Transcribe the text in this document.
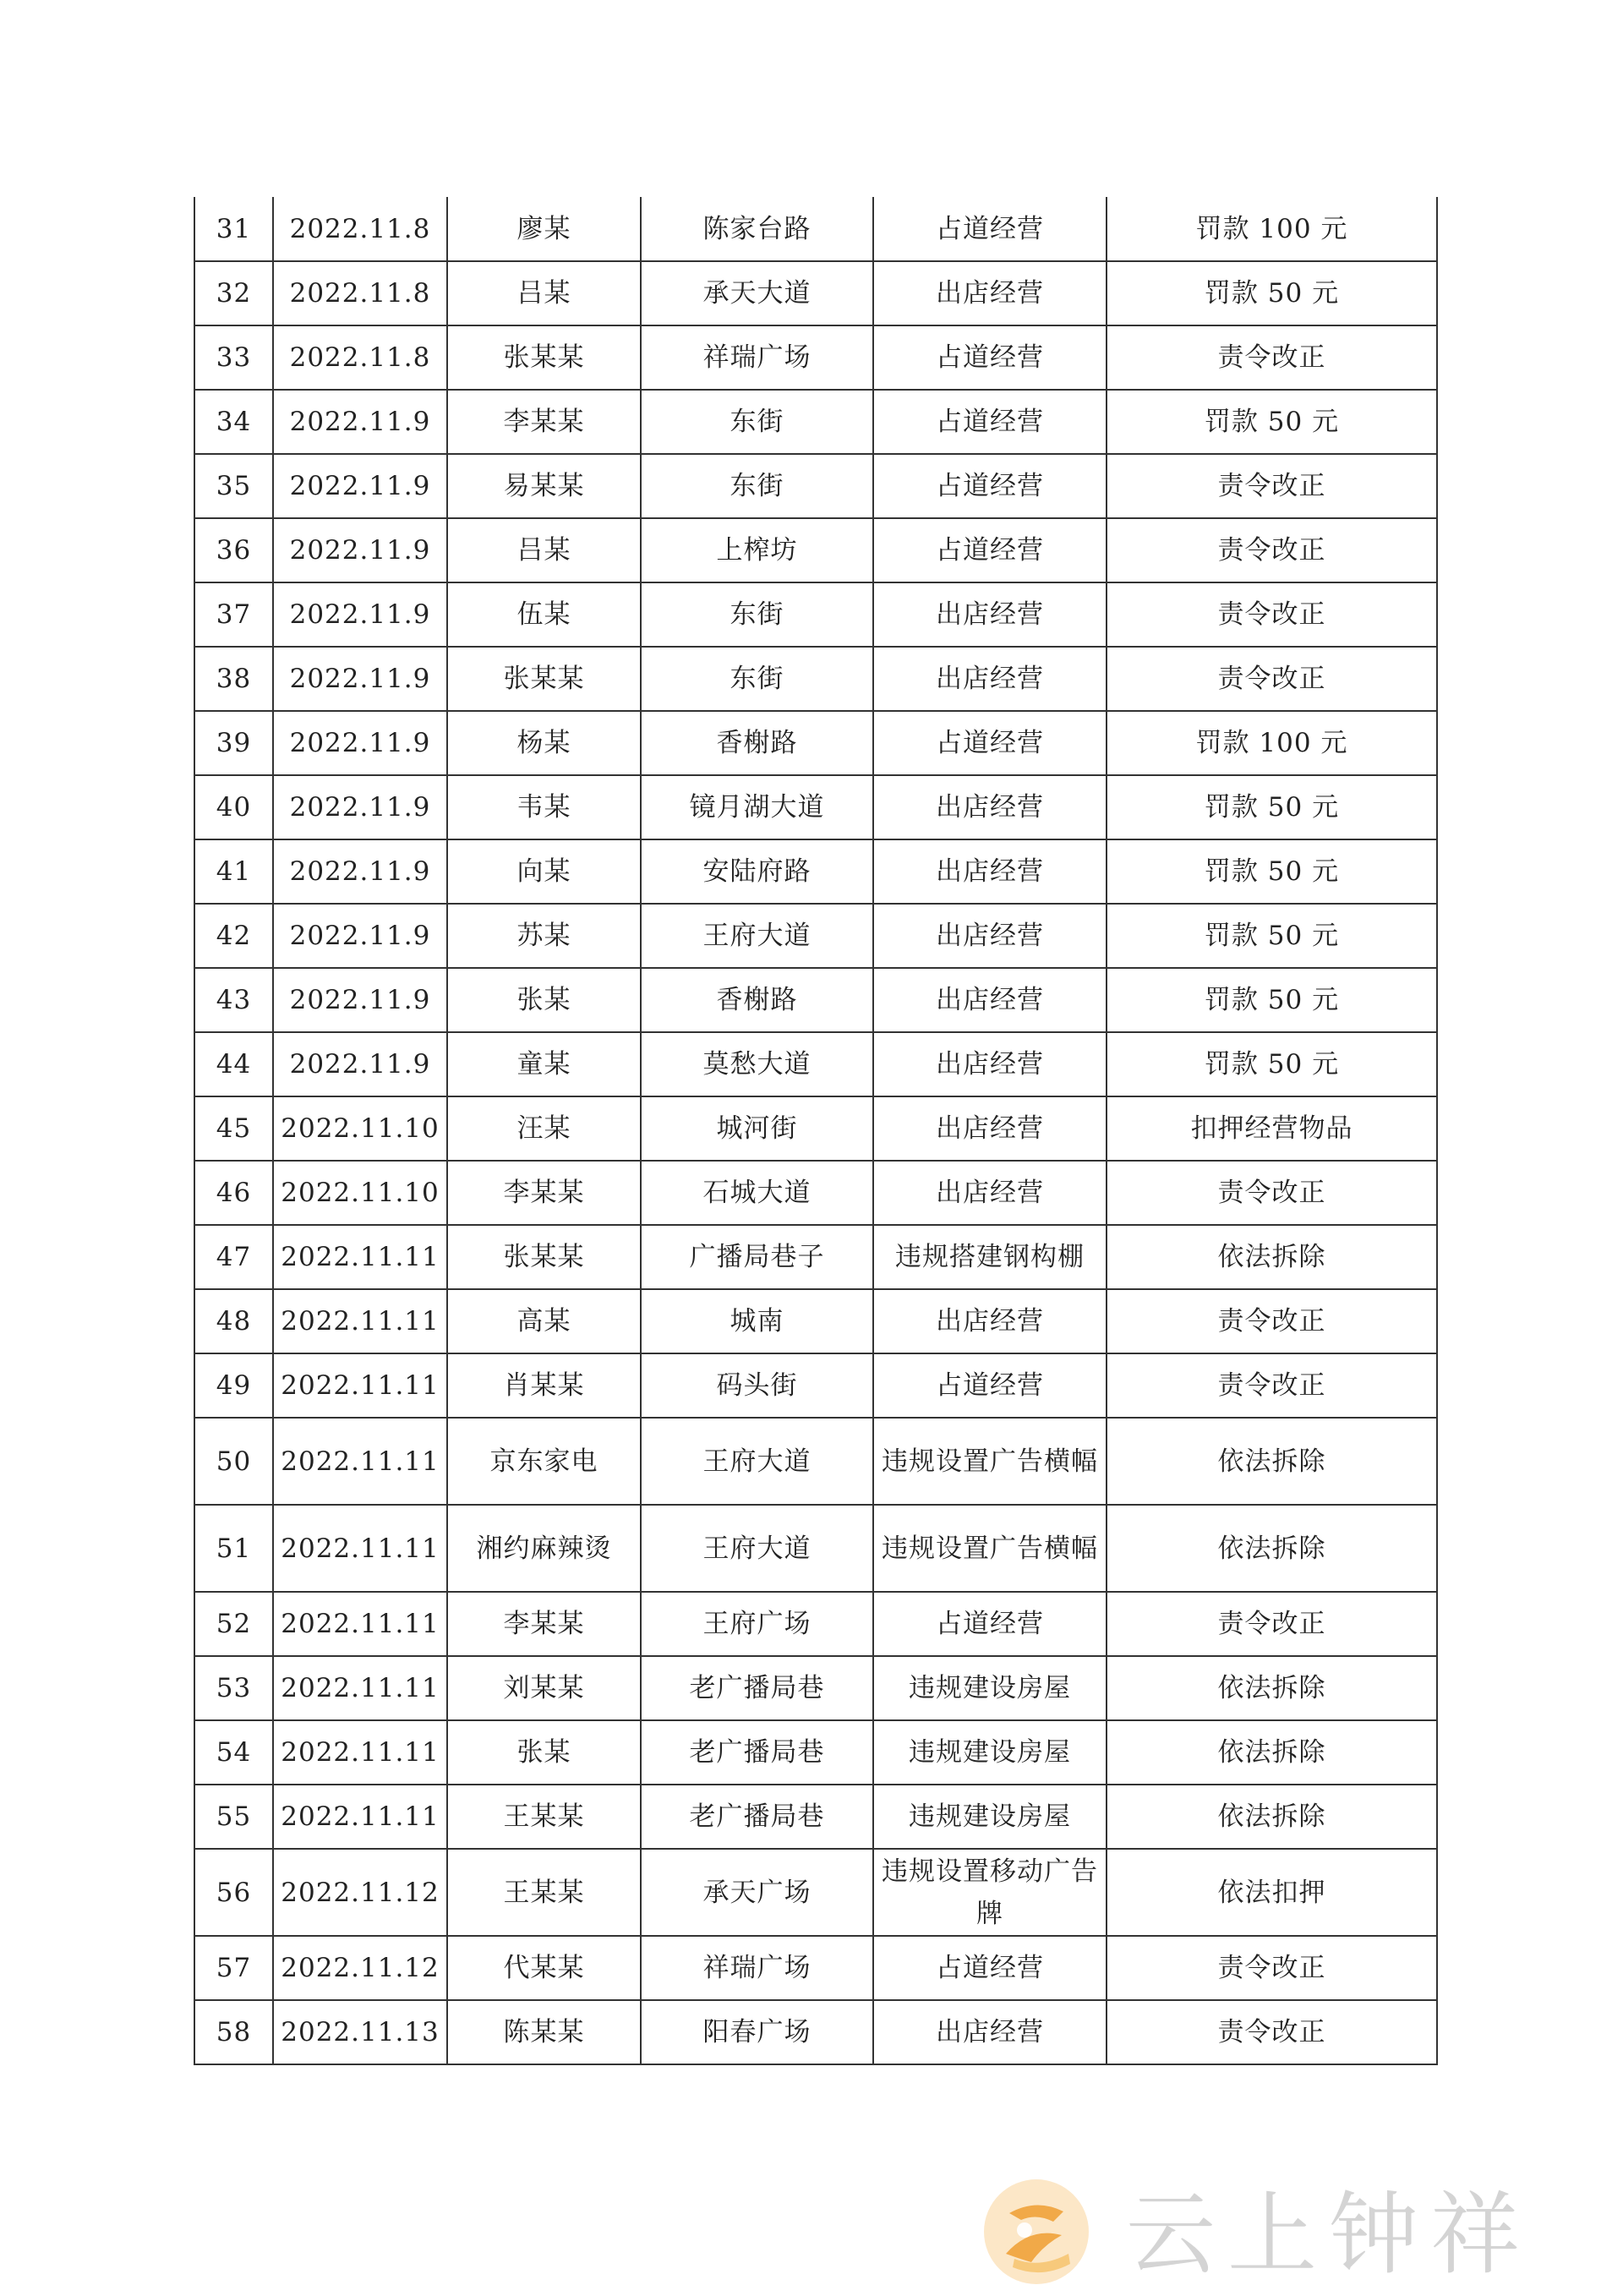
31	2022.11.8	廖某	陈家台路	占道经营	罚款 100 元
32	2022.11.8	吕某	承天大道	出店经营	罚款 50 元
33	2022.11.8	张某某	祥瑞广场	占道经营	责令改正
34	2022.11.9	李某某	东街	占道经营	罚款 50 元
35	2022.11.9	易某某	东街	占道经营	责令改正
36	2022.11.9	吕某	上榨坊	占道经营	责令改正
37	2022.11.9	伍某	东街	出店经营	责令改正
38	2022.11.9	张某某	东街	出店经营	责令改正
39	2022.11.9	杨某	香榭路	占道经营	罚款 100 元
40	2022.11.9	韦某	镜月湖大道	出店经营	罚款 50 元
41	2022.11.9	向某	安陆府路	出店经营	罚款 50 元
42	2022.11.9	苏某	王府大道	出店经营	罚款 50 元
43	2022.11.9	张某	香榭路	出店经营	罚款 50 元
44	2022.11.9	童某	莫愁大道	出店经营	罚款 50 元
45	2022.11.10	汪某	城河街	出店经营	扣押经营物品
46	2022.11.10	李某某	石城大道	出店经营	责令改正
47	2022.11.11	张某某	广播局巷子	违规搭建钢构棚	依法拆除
48	2022.11.11	高某	城南	出店经营	责令改正
49	2022.11.11	肖某某	码头街	占道经营	责令改正
50	2022.11.11	京东家电	王府大道	违规设置广告横幅	依法拆除
51	2022.11.11	湘约麻辣烫	王府大道	违规设置广告横幅	依法拆除
52	2022.11.11	李某某	王府广场	占道经营	责令改正
53	2022.11.11	刘某某	老广播局巷	违规建设房屋	依法拆除
54	2022.11.11	张某	老广播局巷	违规建设房屋	依法拆除
55	2022.11.11	王某某	老广播局巷	违规建设房屋	依法拆除
56	2022.11.12	王某某	承天广场	违规设置移动广告牌	依法扣押
57	2022.11.12	代某某	祥瑞广场	占道经营	责令改正
58	2022.11.13	陈某某	阳春广场	出店经营	责令改正
云上钟祥
